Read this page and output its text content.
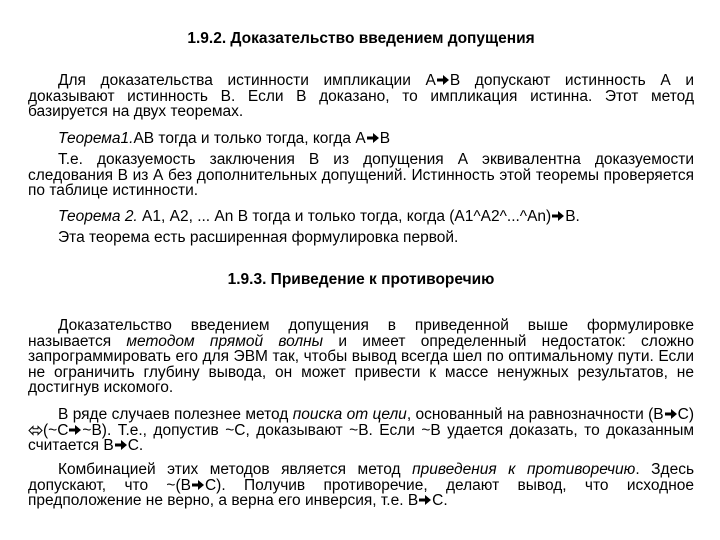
1.9.2. Доказательство введением допущения
Для доказательства истинности импликации А В допускают истинность А и доказывают истинность В. Если В доказано, то импликация истинна. Этот метод базируется на двух теоремах.
Теорема1.АВ тогда и только тогда, когда А В
Т.е. доказуемость заключения В из допущения А эквивалентна доказуемости следования В из А без дополнительных допущений. Истинность этой теоремы проверяется по таблице истинности.
Теорема 2. А1, А2, ... Аn В тогда и только тогда, когда (А1^А2^...^Аn) В.
Эта теорема есть расширенная формулировка первой.
1.9.3. Приведение к противоречию
Доказательство введением допущения в приведенной выше формулировке называется методом прямой волны и имеет определенный недостаток: сложно запрограммировать его для ЭВМ так, чтобы вывод всегда шел по оптимальному пути. Если не ограничить глубину вывода, он может привести к массе ненужных результатов, не достигнув искомого.
В ряде случаев полезнее метод поиска от цели, основанный на равнозначности (В С)
(~С ~В). Т.е., допустив ~С, доказывают ~В. Если ~В удается доказать, то доказанным считается В С.
Комбинацией этих методов является метод приведения к противоречию. Здесь допускают, что ~(В С). Получив противоречие, делают вывод, что исходное предположение не верно, а верна его инверсия, т.е. В С.
